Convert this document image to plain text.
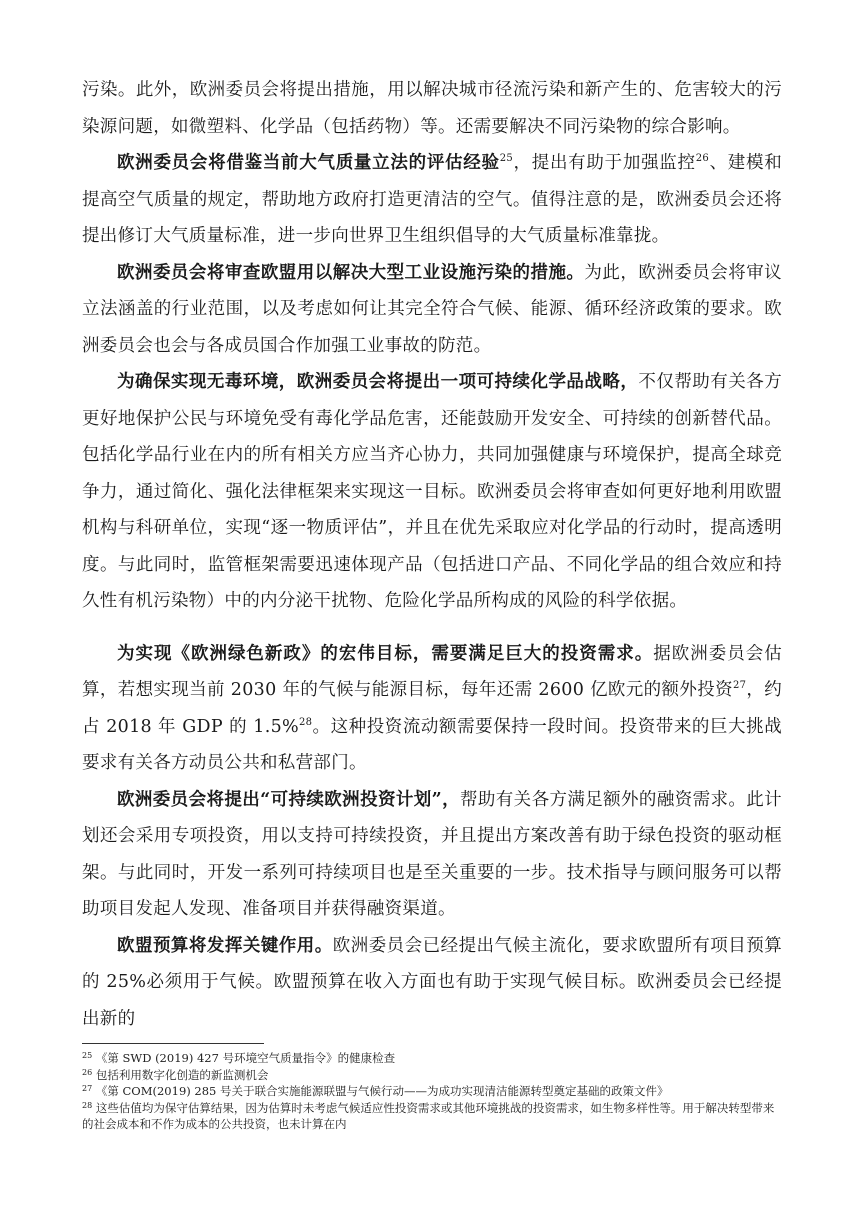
污染。此外，欧洲委员会将提出措施，用以解决城市径流污染和新产生的、危害较大的污染源问题，如微塑料、化学品（包括药物）等。还需要解决不同污染物的综合影响。

欧洲委员会将借鉴当前大气质量立法的评估经验$^{25}$，提出有助于加强监控$^{26}$、建模和提高空气质量的规定，帮助地方政府打造更清洁的空气。值得注意的是，欧洲委员会还将提出修订大气质量标准，进一步向世界卫生组织倡导的大气质量标准靠拢。

欧洲委员会将审查欧盟用以解决大型工业设施污染的措施。为此，欧洲委员会将审议立法涵盖的行业范围，以及考虑如何让其完全符合气候、能源、循环经济政策的要求。欧洲委员会也会与各成员国合作加强工业事故的防范。

为确保实现无毒环境，欧洲委员会将提出一项可持续化学品战略，不仅帮助有关各方更好地保护公民与环境免受有毒化学品危害，还能鼓励开发安全、可持续的创新替代品。包括化学品行业在内的所有相关方应当齐心协力，共同加强健康与环境保护，提高全球竞争力，通过简化、强化法律框架来实现这一目标。欧洲委员会将审查如何更好地利用欧盟机构与科研单位，实现“逐一物质评估”，并且在优先采取应对化学品的行动时，提高透明度。与此同时，监管框架需要迅速体现产品（包括进口产品、不同化学品的组合效应和持久性有机污染物）中的内分泌干扰物、危险化学品所构成的风险的科学依据。

为实现《欧洲绿色新政》的宏伟目标，需要满足巨大的投资需求。据欧洲委员会估算，若想实现当前 2030 年的气候与能源目标，每年还需 2600 亿欧元的额外投资$^{27}$，约占 2018 年 GDP 的 1.5%$^{28}$。这种投资流动额需要保持一段时间。投资带来的巨大挑战要求有关各方动员公共和私营部门。

欧洲委员会将提出“可持续欧洲投资计划”，帮助有关各方满足额外的融资需求。此计划还会采用专项投资，用以支持可持续投资，并且提出方案改善有助于绿色投资的驱动框架。与此同时，开发一系列可持续项目也是至关重要的一步。技术指导与顾问服务可以帮助项目发起人发现、准备项目并获得融资渠道。

欧盟预算将发挥关键作用。欧洲委员会已经提出气候主流化，要求欧盟所有项目预算的 25%必须用于气候。欧盟预算在收入方面也有助于实现气候目标。欧洲委员会已经提出新的

$^{25}$ 《第 SWD (2019) 427 号环境空气质量指令》的健康检查

$^{26}$ 包括利用数字化创造的新监测机会

$^{27}$ 《第 COM(2019) 285 号关于联合实施能源联盟与气候行动——为成功实现清洁能源转型奠定基础的政策文件》

$^{28}$ 这些估值均为保守估算结果，因为估算时未考虑气候适应性投资需求或其他环境挑战的投资需求，如生物多样性等。用于解决转型带来的社会成本和不作为成本的公共投资，也未计算在内
